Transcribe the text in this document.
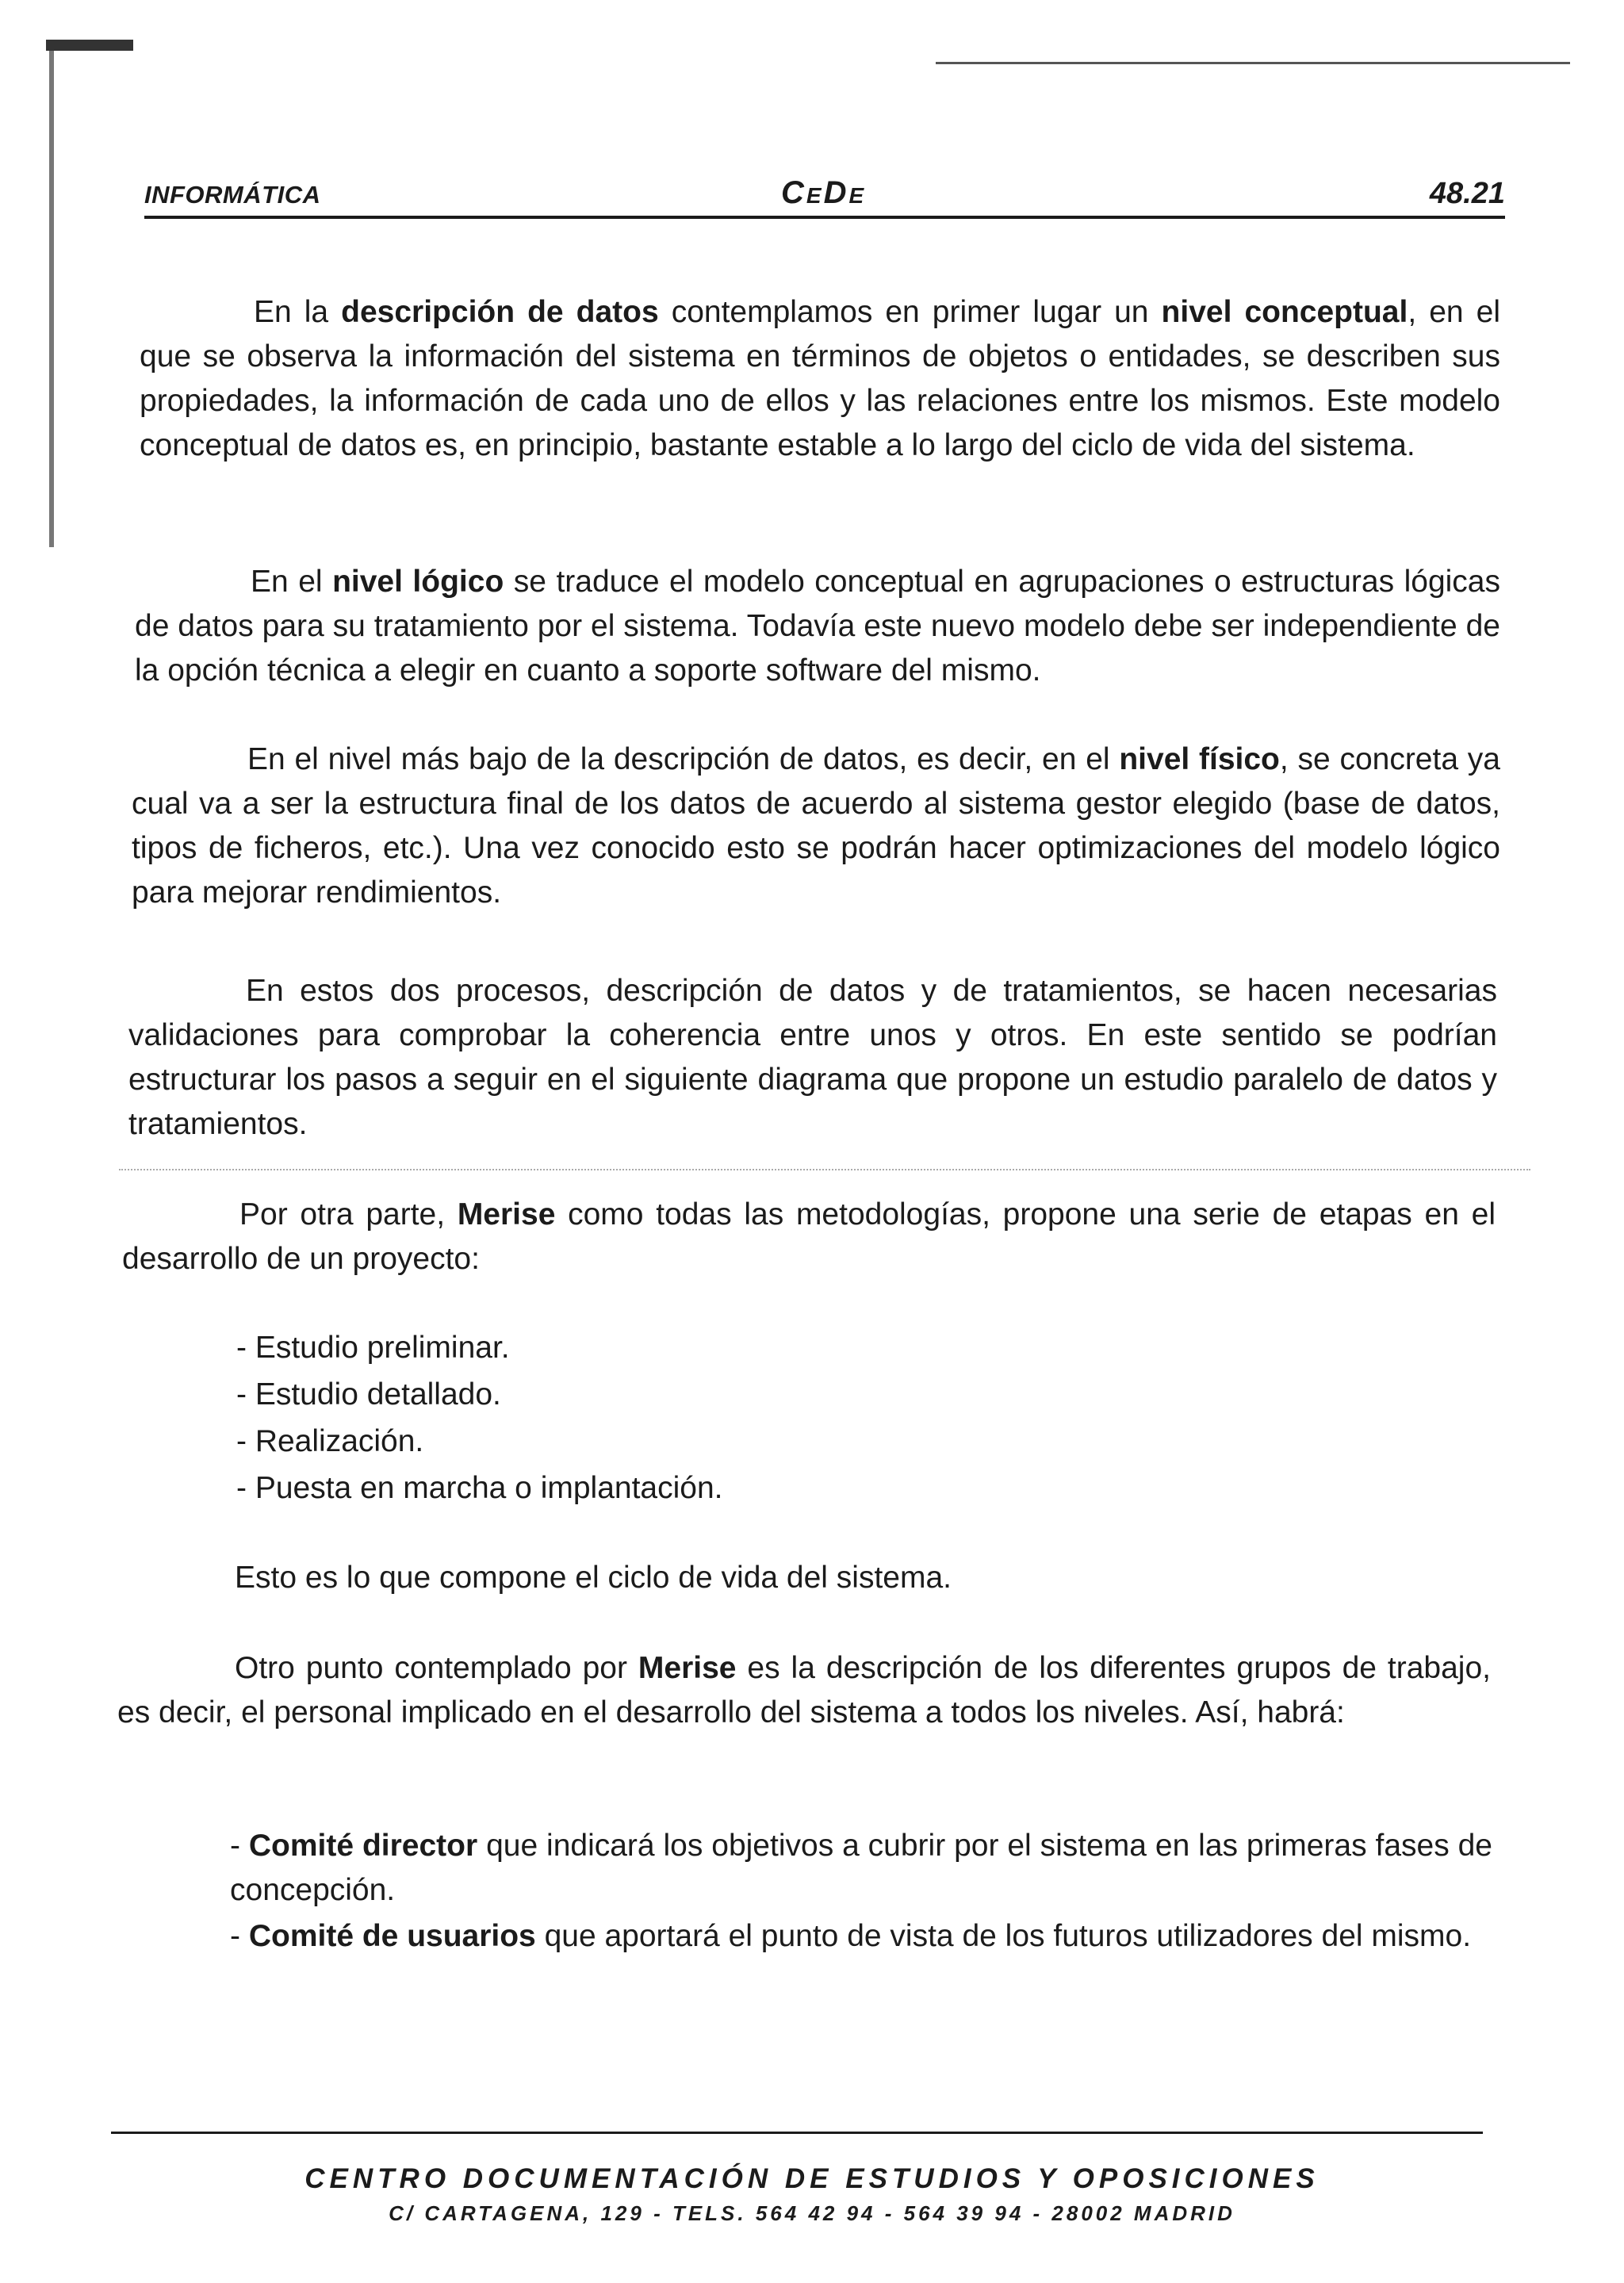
INFORMÁTICA	CeDe	48.21
En la descripción de datos contemplamos en primer lugar un nivel conceptual, en el que se observa la información del sistema en términos de objetos o entidades, se describen sus propiedades, la información de cada uno de ellos y las relaciones entre los mismos. Este modelo conceptual de datos es, en principio, bastante estable a lo largo del ciclo de vida del sistema.
En el nivel lógico se traduce el modelo conceptual en agrupaciones o estructuras lógicas de datos para su tratamiento por el sistema. Todavía este nuevo modelo debe ser independiente de la opción técnica a elegir en cuanto a soporte software del mismo.
En el nivel más bajo de la descripción de datos, es decir, en el nivel físico, se concreta ya cual va a ser la estructura final de los datos de acuerdo al sistema gestor elegido (base de datos, tipos de ficheros, etc.). Una vez conocido esto se podrán hacer optimizaciones del modelo lógico para mejorar rendimientos.
En estos dos procesos, descripción de datos y de tratamientos, se hacen necesarias validaciones para comprobar la coherencia entre unos y otros. En este sentido se podrían estructurar los pasos a seguir en el siguiente diagrama que propone un estudio paralelo de datos y tratamientos.
Por otra parte, Merise como todas las metodologías, propone una serie de etapas en el desarrollo de un proyecto:
- Estudio preliminar.
- Estudio detallado.
- Realización.
- Puesta en marcha o implantación.
Esto es lo que compone el ciclo de vida del sistema.
Otro punto contemplado por Merise es la descripción de los diferentes grupos de trabajo, es decir, el personal implicado en el desarrollo del sistema a todos los niveles. Así, habrá:
- Comité director que indicará los objetivos a cubrir por el sistema en las primeras fases de concepción.
- Comité de usuarios que aportará el punto de vista de los futuros utilizadores del mismo.
CENTRO DOCUMENTACIÓN DE ESTUDIOS Y OPOSICIONES
C/ CARTAGENA, 129 - TELS. 564 42 94 - 564 39 94 - 28002 MADRID
